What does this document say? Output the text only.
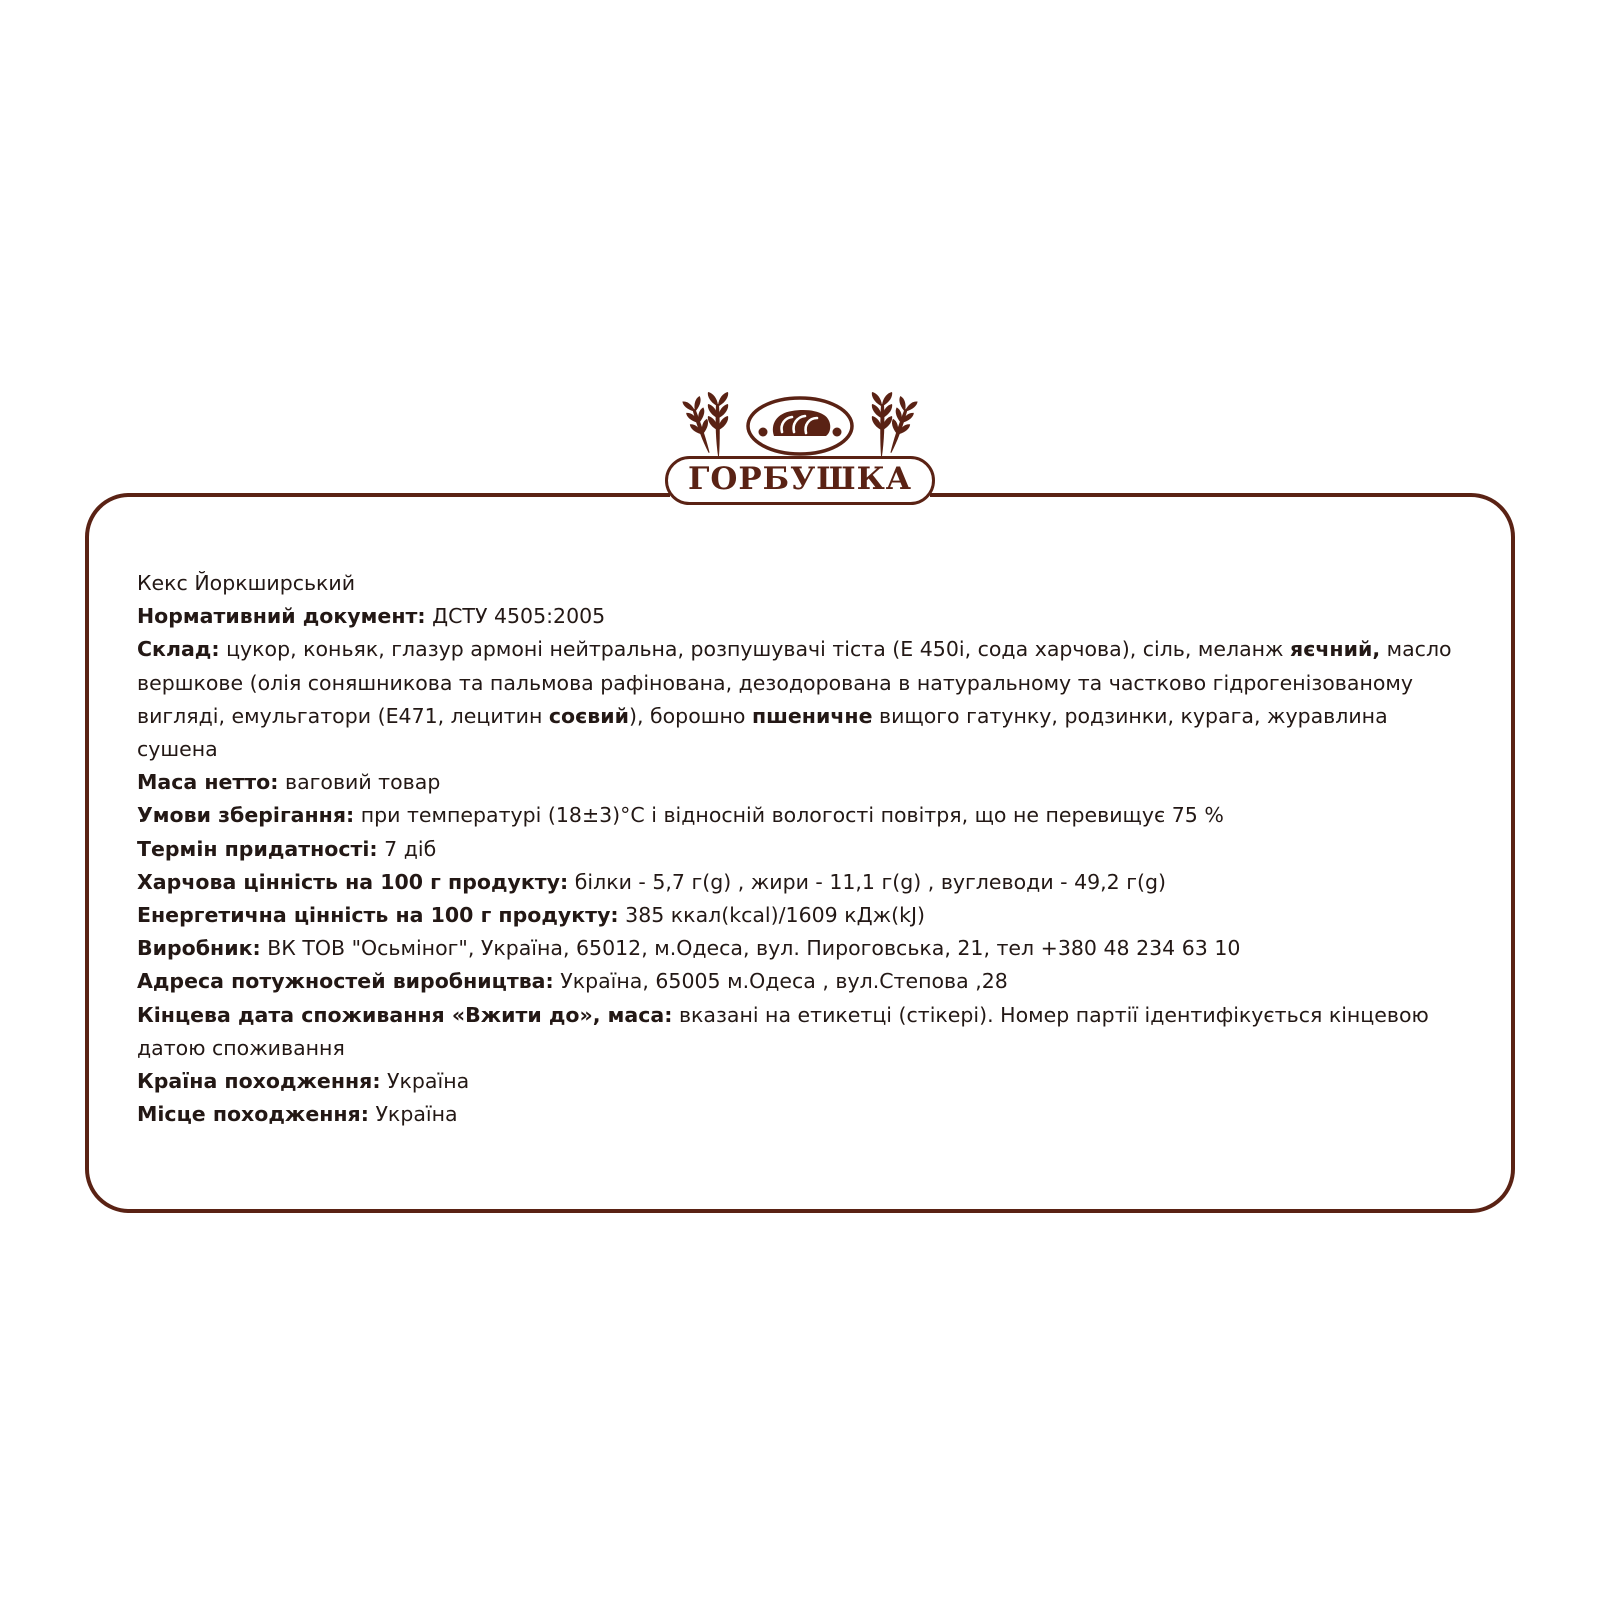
Кекс Йоркширський

Нормативний документ: ДСТУ 4505:2005

Склад: цукор, коньяк, глазур армоні нейтральна, розпушувачі тіста (Е 450i, сода харчова), сіль, меланж яєчний, масло вершкове (олія соняшникова та пальмова рафінована, дезодорована в натуральному та частково гідрогенізованому вигляді, емульгатори (Е471, лецитин соєвий), борошно пшеничне вищого гатунку, родзинки, курага, журавлина сушена

Маса нетто: ваговий товар

Умови зберігання: при температурі (18±3)°С і відносній вологості повітря, що не перевищує 75 %

Термін придатності: 7 діб

Харчова цінність на 100 г продукту: білки - 5,7 г(g) , жири - 11,1 г(g) , вуглеводи - 49,2 г(g)

Енергетична цінність на 100 г продукту: 385 ккал(kcal)/1609 кДж(kJ)

Виробник: ВК ТОВ "Осьміног", Україна, 65012, м.Одеса, вул. Пироговська, 21, тел +380 48 234 63 10

Адреса потужностей виробництва: Україна, 65005 м.Одеса , вул.Степова ,28

Кінцева дата споживання «Вжити до», маса: вказані на етикетці (стікері). Номер партії ідентифікується кінцевою датою споживання

Країна походження: Україна

Місце походження: Україна

ГОРБУШКА
